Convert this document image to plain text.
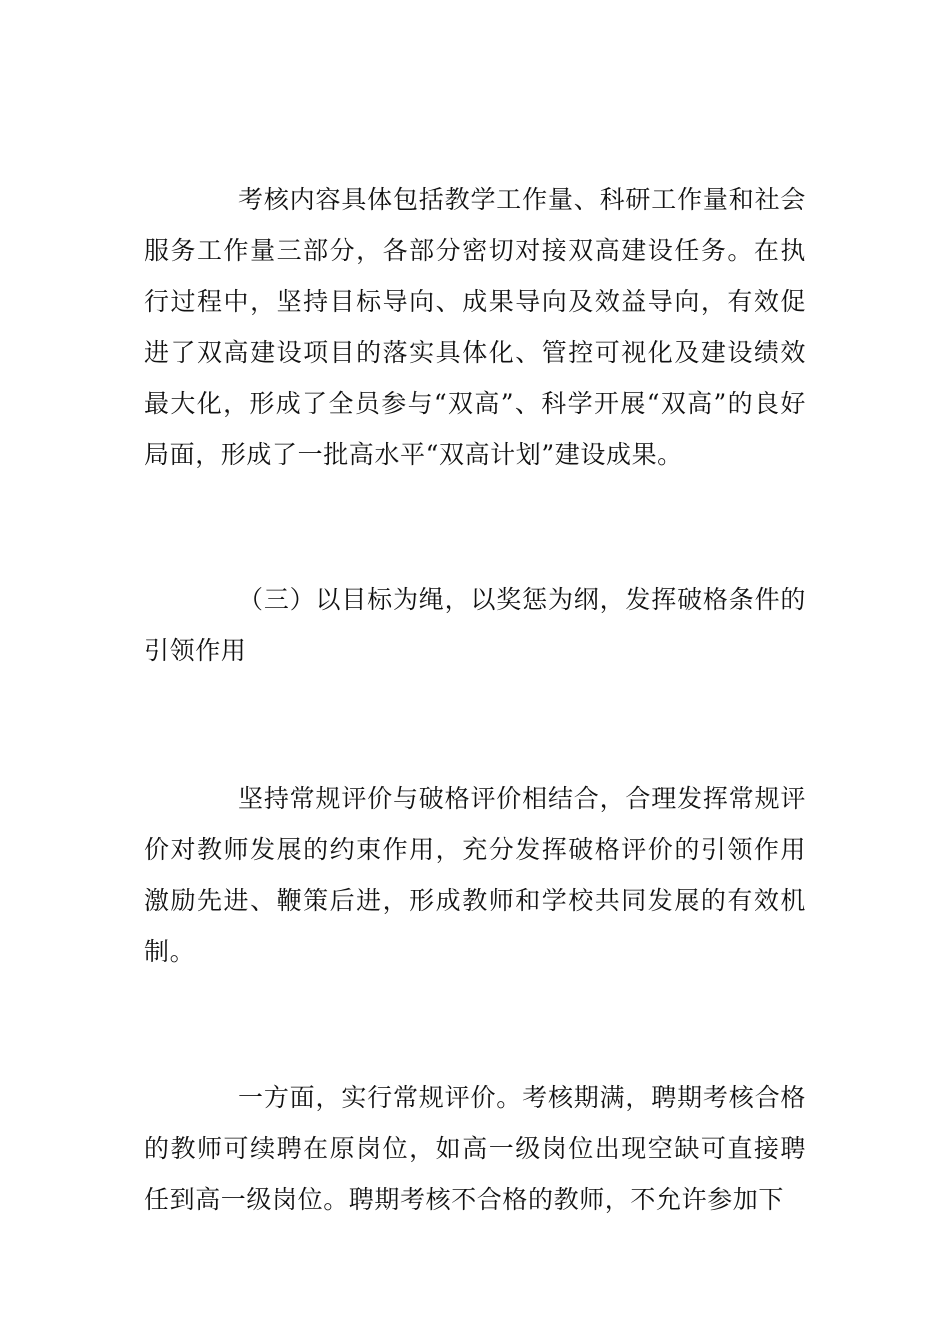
考核内容具体包括教学工作量、科研工作量和社会服务工作量三部分，各部分密切对接双高建设任务。在执行过程中，坚持目标导向、成果导向及效益导向，有效促进了双高建设项目的落实具体化、管控可视化及建设绩效最大化，形成了全员参与“双高”、科学开展“双高”的良好局面，形成了一批高水平“双高计划”建设成果。

（三）以目标为绳，以奖惩为纲，发挥破格条件的引领作用

坚持常规评价与破格评价相结合，合理发挥常规评价对教师发展的约束作用，充分发挥破格评价的引领作用激励先进、鞭策后进，形成教师和学校共同发展的有效机制。

一方面，实行常规评价。考核期满，聘期考核合格的教师可续聘在原岗位，如高一级岗位出现空缺可直接聘任到高一级岗位。聘期考核不合格的教师，不允许参加下
